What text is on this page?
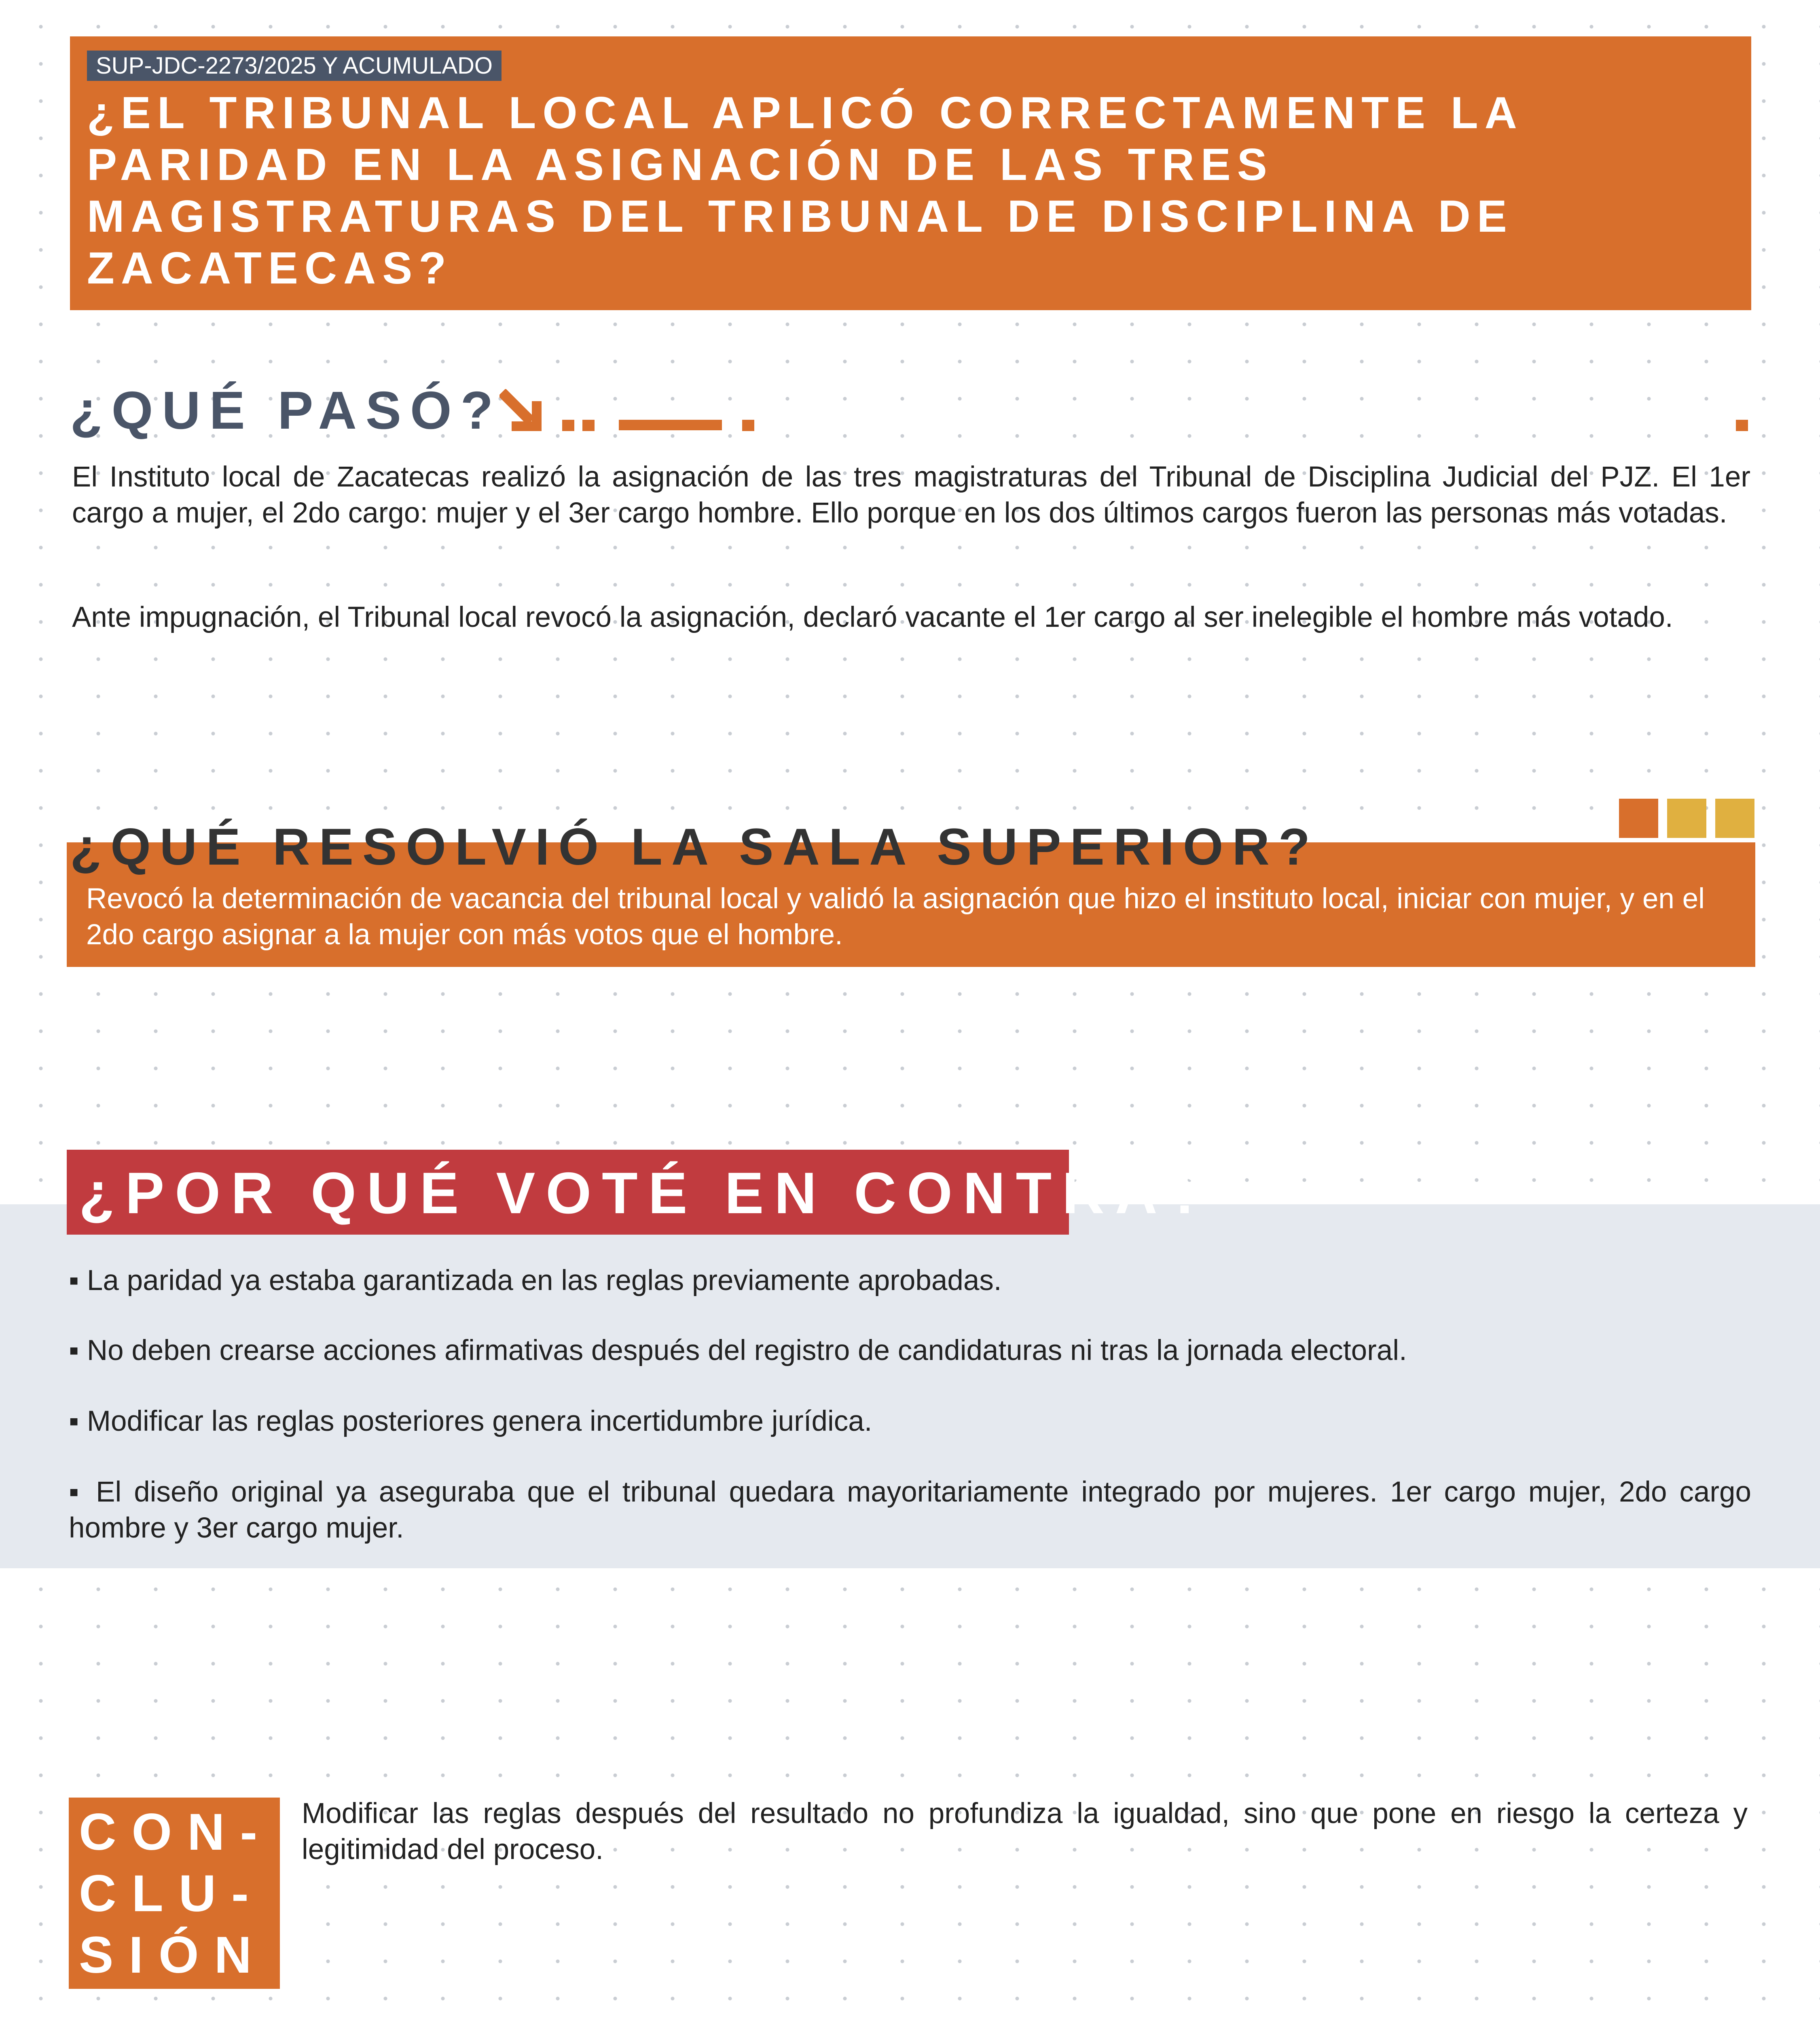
SUP-JDC-2273/2025 Y ACUMULADO
¿EL TRIBUNAL LOCAL APLICÓ CORRECTAMENTE LA PARIDAD EN LA ASIGNACIÓN DE LAS TRES MAGISTRATURAS DEL TRIBUNAL DE DISCIPLINA DE ZACATECAS?
¿QUÉ PASÓ?

El Instituto local de Zacatecas realizó la asignación de las tres magistraturas del Tribunal de Disciplina Judicial del PJZ. El 1er cargo a mujer, el 2do cargo: mujer y el 3er cargo hombre. Ello porque en los dos últimos cargos fueron las personas más votadas.

Ante impugnación, el Tribunal local revocó la asignación, declaró vacante el 1er cargo al ser inelegible el hombre más votado.

¿QUÉ RESOLVIÓ LA SALA SUPERIOR?

Revocó la determinación de vacancia del tribunal local y validó la asignación que hizo el instituto local, iniciar con mujer, y en el 2do cargo asignar a la mujer con más votos que el hombre.

¿POR QUÉ VOTÉ EN CONTRA?

▪ La paridad ya estaba garantizada en las reglas previamente aprobadas.

▪ No deben crearse acciones afirmativas después del registro de candidaturas ni tras la jornada electoral.

▪ Modificar las reglas posteriores genera incertidumbre jurídica.

▪ El diseño original ya aseguraba que el tribunal quedara mayoritariamente integrado por mujeres. 1er cargo mujer, 2do cargo hombre y 3er cargo mujer.

CON-
CLU-
SIÓN

Modificar las reglas después del resultado no profundiza la igualdad, sino que pone en riesgo la certeza y legitimidad del proceso.
